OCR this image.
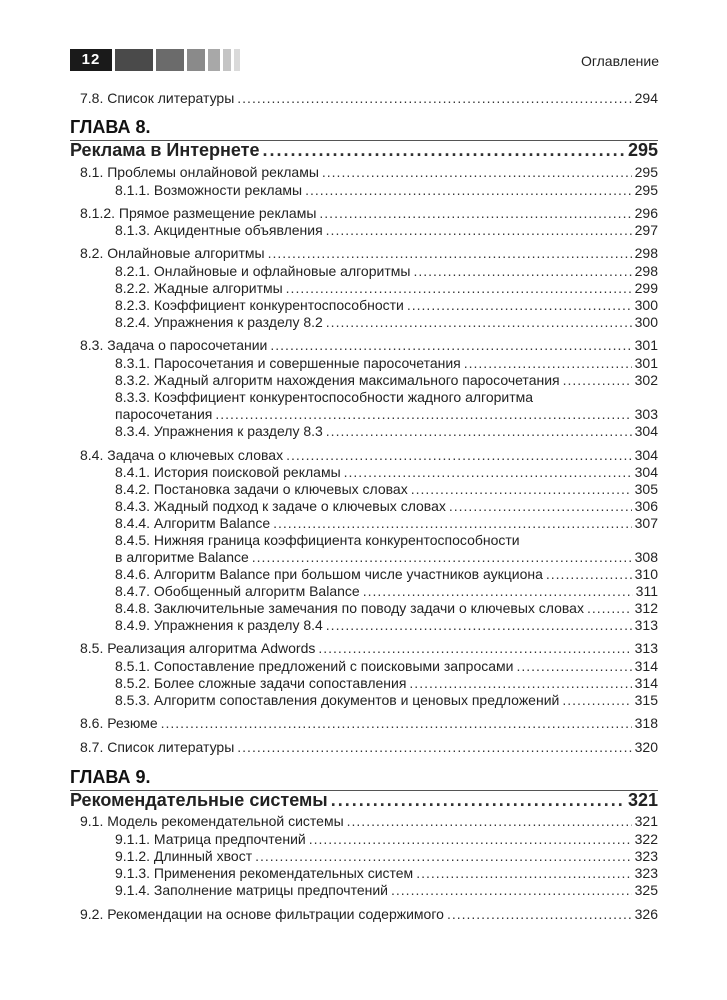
12	Оглавление
7.8. Список литературы .....	294
ГЛАВА 8.
Реклама в Интернете .....	295
8.1. Проблемы онлайновой рекламы .....	295
8.1.1. Возможности рекламы .....	295
8.1.2. Прямое размещение рекламы .....	296
8.1.3. Акцидентные объявления .....	297
8.2. Онлайновые алгоритмы .....	298
8.2.1. Онлайновые и офлайновые алгоритмы .....	298
8.2.2. Жадные алгоритмы .....	299
8.2.3. Коэффициент конкурентоспособности .....	300
8.2.4. Упражнения к разделу 8.2 .....	300
8.3. Задача о паросочетании .....	301
8.3.1. Паросочетания и совершенные паросочетания .....	301
8.3.2. Жадный алгоритм нахождения максимального паросочетания .....	302
8.3.3. Коэффициент конкурентоспособности жадного алгоритма
паросочетания .....	303
8.3.4. Упражнения к разделу 8.3 .....	304
8.4. Задача о ключевых словах .....	304
8.4.1. История поисковой рекламы .....	304
8.4.2. Постановка задачи о ключевых словах .....	305
8.4.3. Жадный подход к задаче о ключевых словах .....	306
8.4.4. Алгоритм Balance .....	307
8.4.5. Нижняя граница коэффициента конкурентоспособности
в алгоритме Balance .....	308
8.4.6. Алгоритм Balance при большом числе участников аукциона .....	310
8.4.7. Обобщенный алгоритм Balance .....	311
8.4.8. Заключительные замечания по поводу задачи о ключевых словах .....	312
8.4.9. Упражнения к разделу 8.4 .....	313
8.5. Реализация алгоритма Adwords .....	313
8.5.1. Сопоставление предложений с поисковыми запросами .....	314
8.5.2. Более сложные задачи сопоставления .....	314
8.5.3. Алгоритм сопоставления документов и ценовых предложений .....	315
8.6. Резюме .....	318
8.7. Список литературы .....	320
ГЛАВА 9.
Рекомендательные системы .....	321
9.1. Модель рекомендательной системы .....	321
9.1.1. Матрица предпочтений .....	322
9.1.2. Длинный хвост .....	323
9.1.3. Применения рекомендательных систем .....	323
9.1.4. Заполнение матрицы предпочтений .....	325
9.2. Рекомендации на основе фильтрации содержимого .....	326
